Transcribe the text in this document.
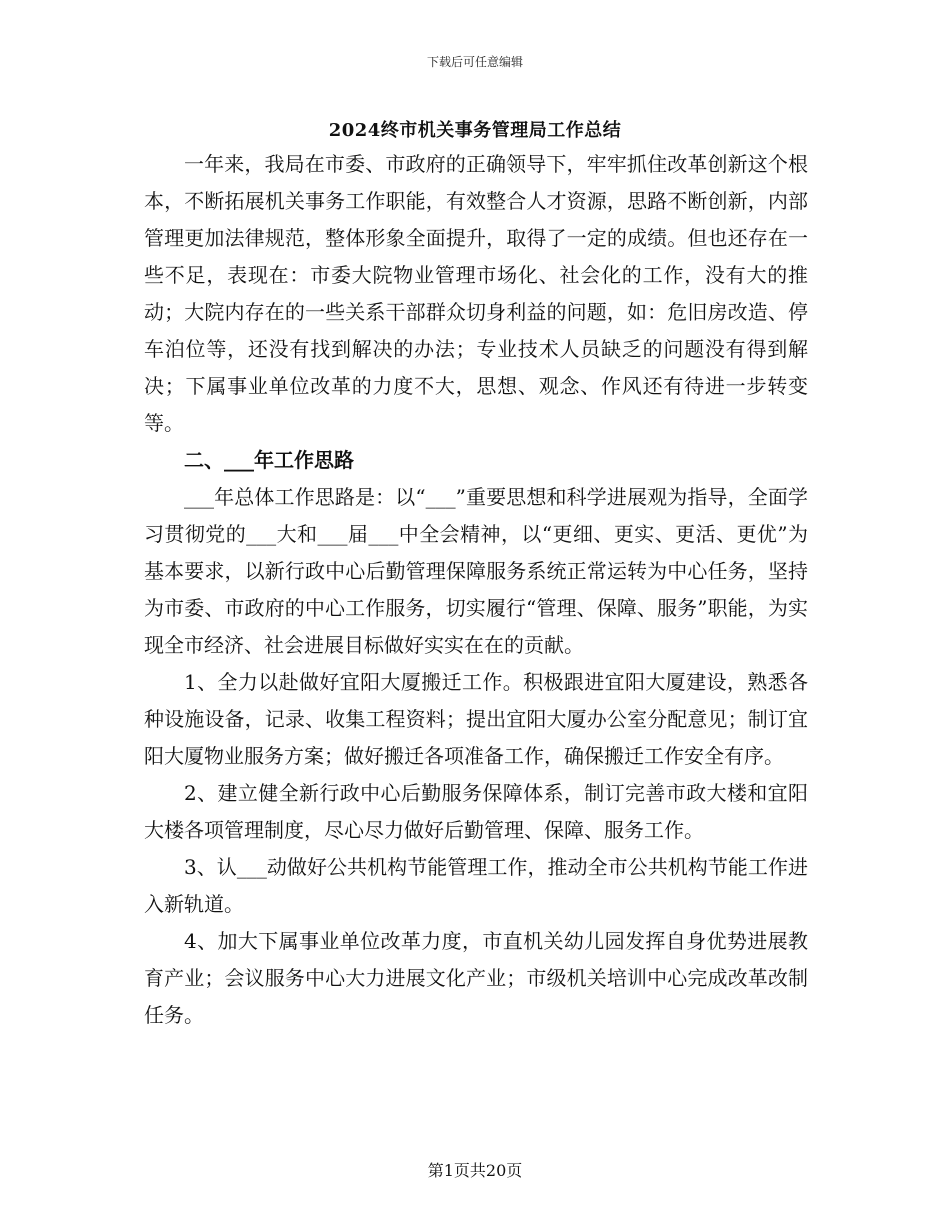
下载后可任意编辑
2024终市机关事务管理局工作总结

一年来，我局在市委、市政府的正确领导下，牢牢抓住改革创新这个根本，不断拓展机关事务工作职能，有效整合人才资源，思路不断创新，内部管理更加法律规范，整体形象全面提升，取得了一定的成绩。但也还存在一些不足，表现在：市委大院物业管理市场化、社会化的工作，没有大的推动；大院内存在的一些关系干部群众切身利益的问题，如：危旧房改造、停车泊位等，还没有找到解决的办法；专业技术人员缺乏的问题没有得到解决；下属事业单位改革的力度不大，思想、观念、作风还有待进一步转变等。

二、___年工作思路

___年总体工作思路是：以“___”重要思想和科学进展观为指导，全面学习贯彻党的___大和___届___中全会精神，以“更细、更实、更活、更优”为基本要求，以新行政中心后勤管理保障服务系统正常运转为中心任务，坚持为市委、市政府的中心工作服务，切实履行“管理、保障、服务”职能，为实现全市经济、社会进展目标做好实实在在的贡献。

1、全力以赴做好宜阳大厦搬迁工作。积极跟进宜阳大厦建设，熟悉各种设施设备，记录、收集工程资料；提出宜阳大厦办公室分配意见；制订宜阳大厦物业服务方案；做好搬迁各项准备工作，确保搬迁工作安全有序。

2、建立健全新行政中心后勤服务保障体系，制订完善市政大楼和宜阳大楼各项管理制度，尽心尽力做好后勤管理、保障、服务工作。

3、认___动做好公共机构节能管理工作，推动全市公共机构节能工作进入新轨道。

4、加大下属事业单位改革力度，市直机关幼儿园发挥自身优势进展教育产业；会议服务中心大力进展文化产业；市级机关培训中心完成改革改制任务。

第1页共20页
